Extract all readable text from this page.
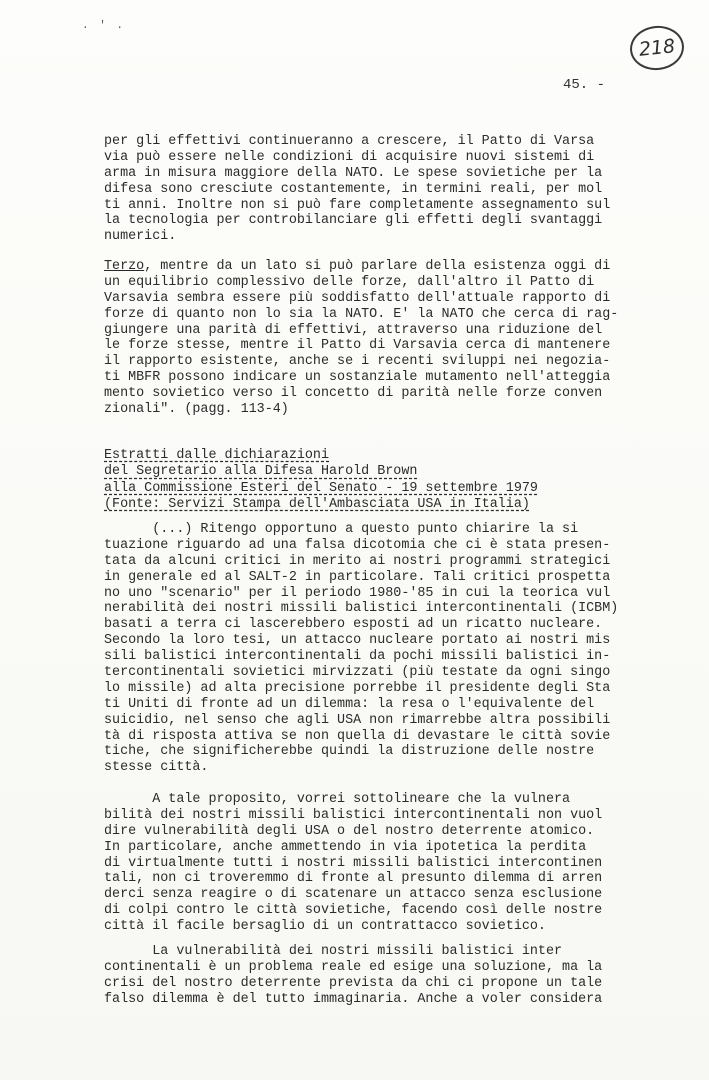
. ' .
218
45. -
per gli effettivi continueranno a crescere, il Patto di Varsa
via può essere nelle condizioni di acquisire nuovi sistemi di
arma in misura maggiore della NATO. Le spese sovietiche per la
difesa sono cresciute costantemente, in termini reali, per mol
ti anni. Inoltre non si può fare completamente assegnamento sul
la tecnologia per controbilanciare gli effetti degli svantaggi
numerici.
Terzo, mentre da un lato si può parlare della esistenza oggi di
un equilibrio complessivo delle forze, dall'altro il Patto di
Varsavia sembra essere più soddisfatto dell'attuale rapporto di
forze di quanto non lo sia la NATO. E' la NATO che cerca di rag-
giungere una parità di effettivi, attraverso una riduzione del
le forze stesse, mentre il Patto di Varsavia cerca di mantenere
il rapporto esistente, anche se i recenti sviluppi nei negozia-
ti MBFR possono indicare un sostanziale mutamento nell'atteggia
mento sovietico verso il concetto di parità nelle forze conven
zionali". (pagg. 113-4)
Estratti dalle dichiarazioni
del Segretario alla Difesa Harold Brown
alla Commissione Esteri del Senato - 19 settembre 1979
(Fonte: Servizi Stampa dell'Ambasciata USA in Italia)
(...) Ritengo opportuno a questo punto chiarire la si
tuazione riguardo ad una falsa dicotomia che ci è stata presen-
tata da alcuni critici in merito ai nostri programmi strategici
in generale ed al SALT-2 in particolare. Tali critici prospetta
no uno "scenario" per il periodo 1980-'85 in cui la teorica vul
nerabilità dei nostri missili balistici intercontinentali (ICBM)
basati a terra ci lascerebbero esposti ad un ricatto nucleare.
Secondo la loro tesi, un attacco nucleare portato ai nostri mis
sili balistici intercontinentali da pochi missili balistici in-
tercontinentali sovietici mirvizzati (più testate da ogni singo
lo missile) ad alta precisione porrebbe il presidente degli Sta
ti Uniti di fronte ad un dilemma: la resa o l'equivalente del
suicidio, nel senso che agli USA non rimarrebbe altra possibili
tà di risposta attiva se non quella di devastare le città sovie
tiche, che significherebbe quindi la distruzione delle nostre
stesse città.
A tale proposito, vorrei sottolineare che la vulnera
bilità dei nostri missili balistici intercontinentali non vuol
dire vulnerabilità degli USA o del nostro deterrente atomico.
In particolare, anche ammettendo in via ipotetica la perdita
di virtualmente tutti i nostri missili balistici intercontinen
tali, non ci troveremmo di fronte al presunto dilemma di arren
derci senza reagire o di scatenare un attacco senza esclusione
di colpi contro le città sovietiche, facendo così delle nostre
città il facile bersaglio di un contrattacco sovietico.
La vulnerabilità dei nostri missili balistici inter
continentali è un problema reale ed esige una soluzione, ma la
crisi del nostro deterrente prevista da chi ci propone un tale
falso dilemma è del tutto immaginaria. Anche a voler considera
